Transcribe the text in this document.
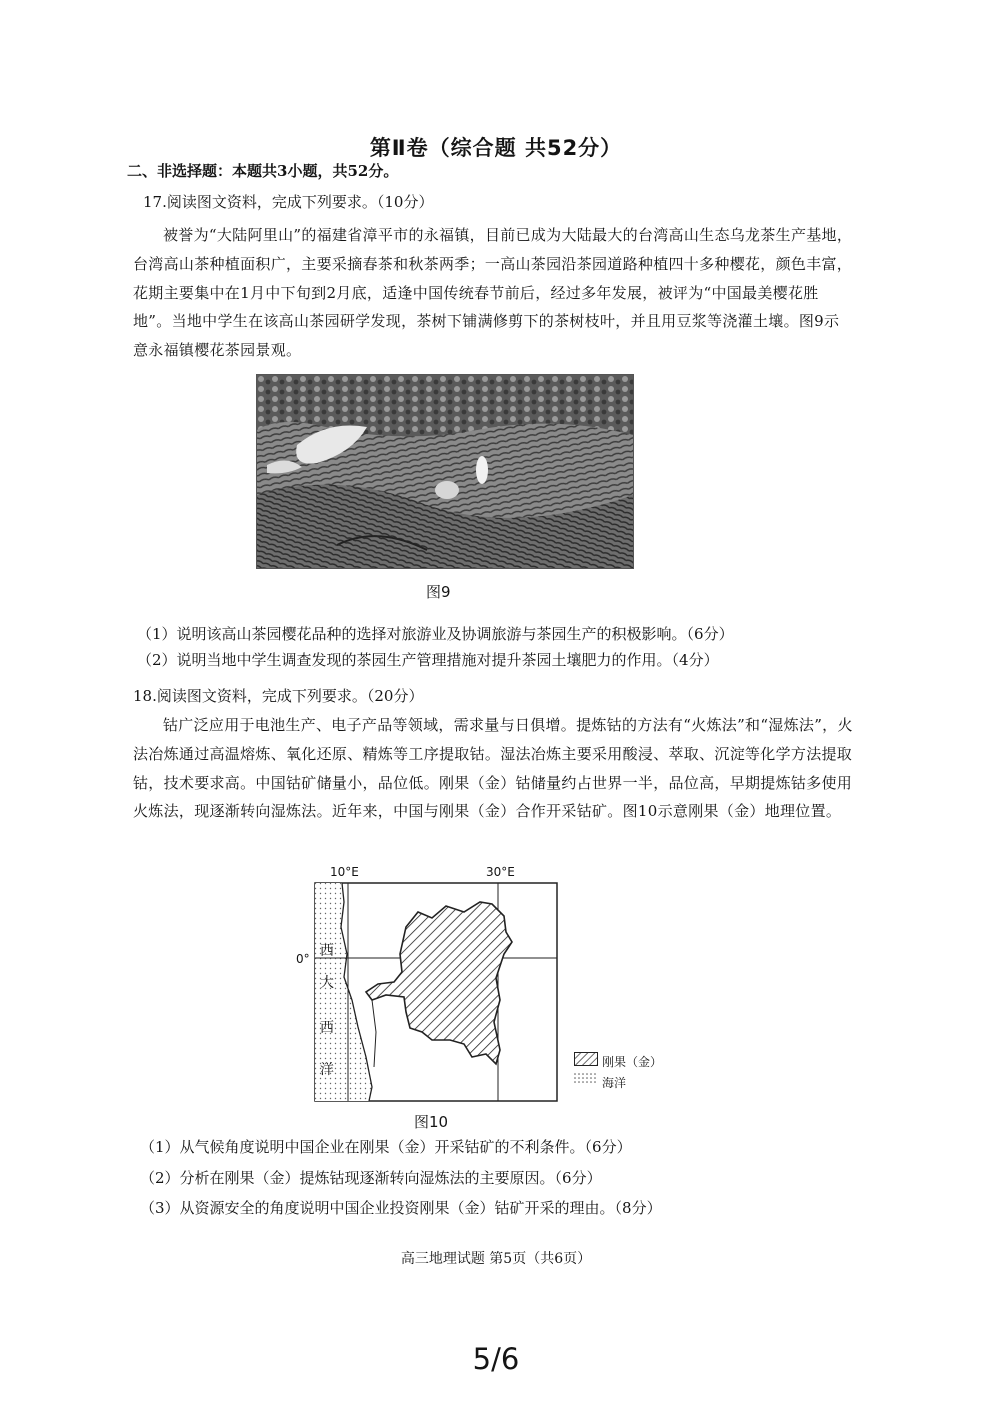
第Ⅱ卷（综合题 共52分）
二、非选择题：本题共3小题，共52分。
17.阅读图文资料，完成下列要求。（10分）
被誉为“大陆阿里山”的福建省漳平市的永福镇，目前已成为大陆最大的台湾高山生态乌龙茶生产基地，台湾高山茶种植面积广，主要采摘春茶和秋茶两季；一高山茶园沿茶园道路种植四十多种樱花，颜色丰富，花期主要集中在1月中下旬到2月底，适逢中国传统春节前后，经过多年发展，被评为“中国最美樱花胜地”。当地中学生在该高山茶园研学发现，茶树下铺满修剪下的茶树枝叶，并且用豆浆等浇灌土壤。图9示意永福镇樱花茶园景观。
图9
（1）说明该高山茶园樱花品种的选择对旅游业及协调旅游与茶园生产的积极影响。（6分）
（2）说明当地中学生调查发现的茶园生产管理措施对提升茶园土壤肥力的作用。（4分）
18.阅读图文资料，完成下列要求。（20分）
钴广泛应用于电池生产、电子产品等领域，需求量与日俱增。提炼钴的方法有“火炼法”和“湿炼法”，火法冶炼通过高温熔炼、氧化还原、精炼等工序提取钴。湿法冶炼主要采用酸浸、萃取、沉淀等化学方法提取钴，技术要求高。中国钴矿储量小，品位低。刚果（金）钴储量约占世界一半，品位高，早期提炼钴多使用火炼法，现逐渐转向湿炼法。近年来，中国与刚果（金）合作开采钴矿。图10示意刚果（金）地理位置。
10°E	30°E
0° 西
大
西
洋	刚果（金）
海洋
图10
（1）从气候角度说明中国企业在刚果（金）开采钴矿的不利条件。（6分）
（2）分析在刚果（金）提炼钴现逐渐转向湿炼法的主要原因。（6分）
（3）从资源安全的角度说明中国企业投资刚果（金）钴矿开采的理由。（8分）
高三地理试题 第5页（共6页）
5/6
